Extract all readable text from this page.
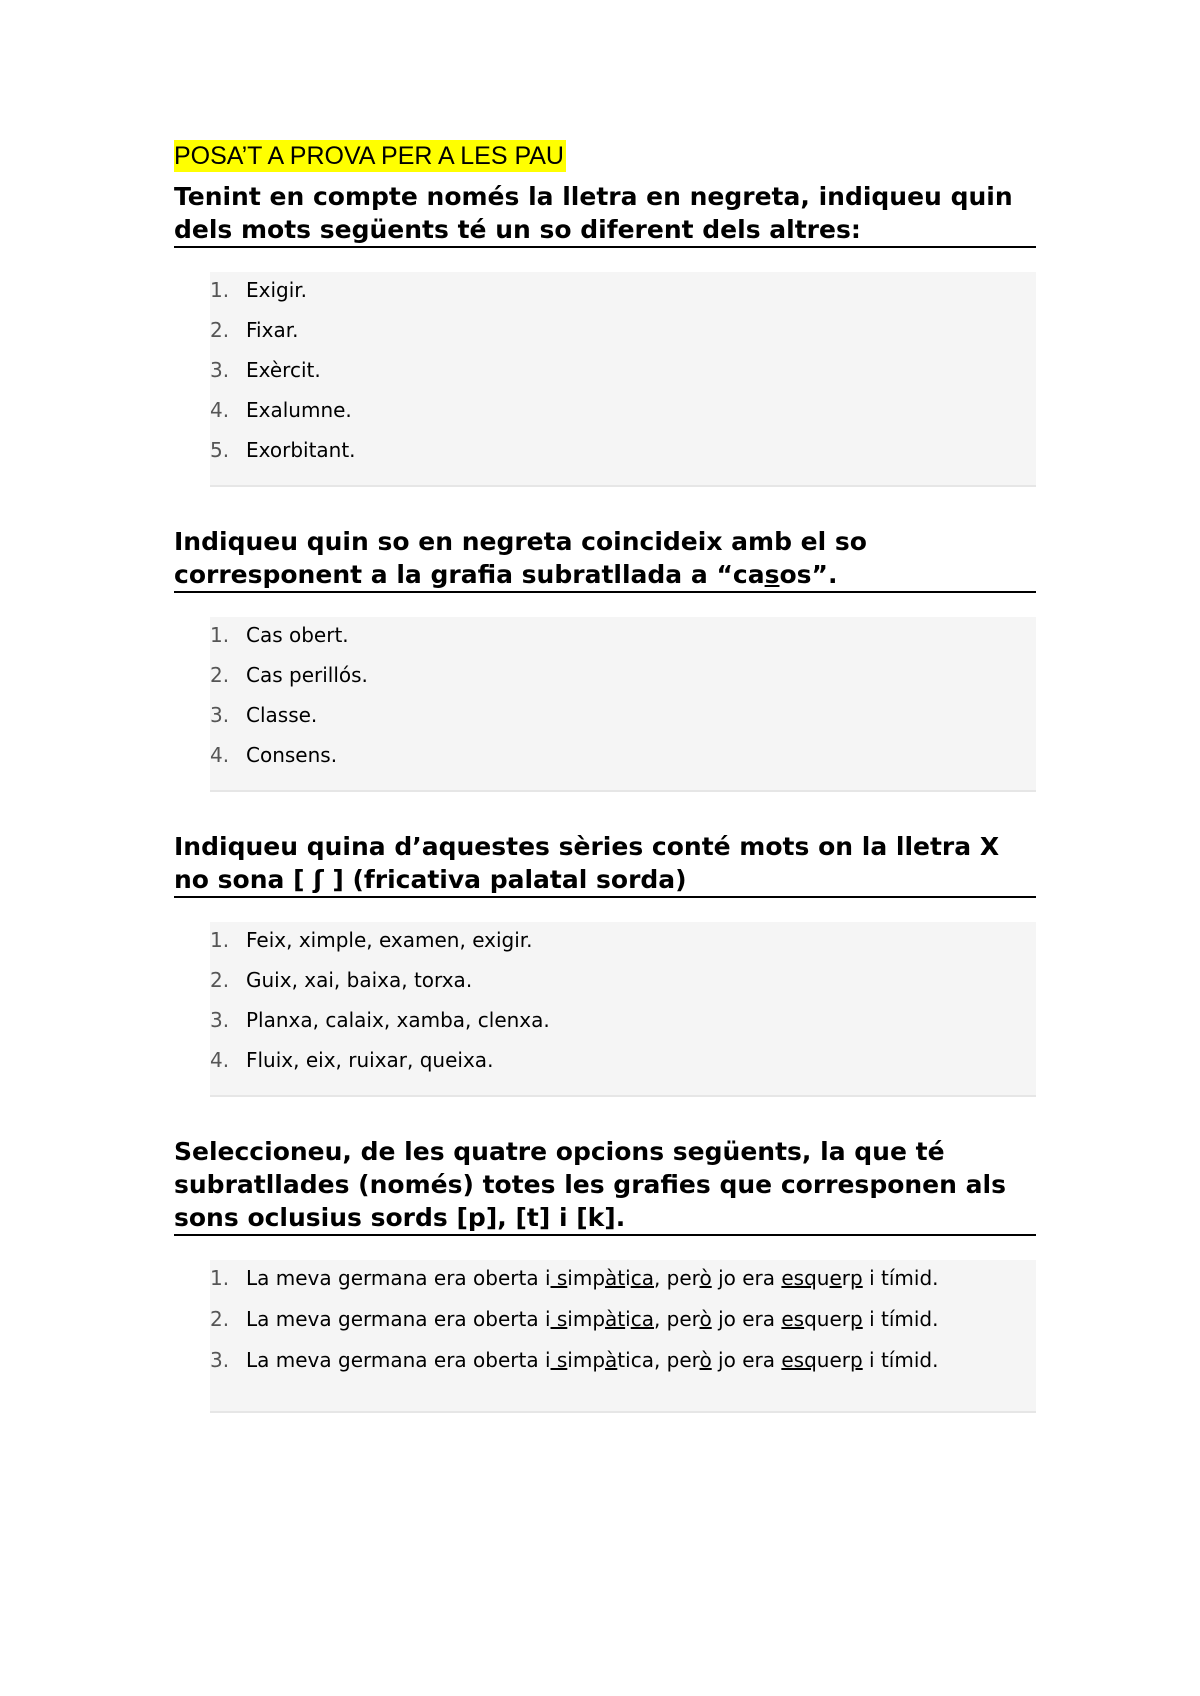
POSA’T A PROVA PER A LES PAU
Tenint en compte només la lletra en negreta, indiqueu quin dels mots següents té un so diferent dels altres:
Exigir.
Fixar.
Exèrcit.
Exalumne.
Exorbitant.
Indiqueu quin so en negreta coincideix amb el so corresponent a la grafia subratllada a “casos”.
Cas obert.
Cas perillós.
Classe.
Consens.
Indiqueu quina d’aquestes sèries conté mots on la lletra X no sona [ ʃ ] (fricativa palatal sorda)
Feix, ximple, examen, exigir.
Guix, xai, baixa, torxa.
Planxa, calaix, xamba, clenxa.
Fluix, eix, ruixar, queixa.
Seleccioneu, de les quatre opcions següents, la que té subratllades (només) totes les grafies que corresponen als sons oclusius sords [p], [t] i [k].
La meva germana era oberta i simpàtica, però jo era esquerp i tímid.
La meva germana era oberta i simpàtica, però jo era esquerp i tímid.
La meva germana era oberta i simpàtica, però jo era esquerp i tímid.
